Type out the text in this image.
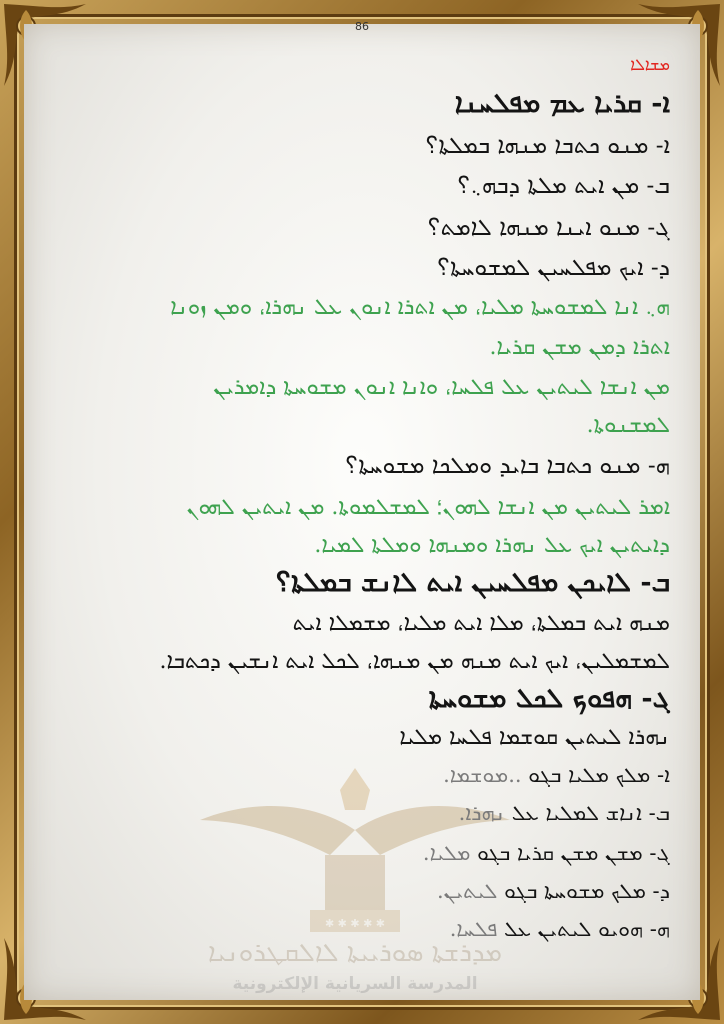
86
✱ ✱ ✱ ✱ ✱
ܡܕܪܫܬܐ ܣܘܪܝܝܬܐ ܠܐܠܩܛܪܘܢܝܐ
المدرسة السريانية الإلكترونية
ܡܫܐܠܐ
ܐ- ܩܪܝܐ ܥܡ ܡܦܠܚܢܐ
ܐ- ܡܢܘ ܟܬܒܐ ܡܢܗܐ ܒܡܠܬܐ؟
ܒ- ܡܢ ܐܝܬ ܡܠܬܐ ܕܒܗ܆؟
ܓ- ܡܢܘ ܐܝܢܐ ܡܢܗܐ ܠܐܡܬ؟
ܕ- ܐܝܟ ܡܦܠܚܝܢ ܠܡܫܘܚܬܐ؟
ܗ܆ ܐܢܐ ܠܡܫܘܚܬܐ ܡܠܝܐ، ܡܢ ܐܬܪܐ ܐܢܘܢ ܥܠ ܢܗܪܐ، ܘܡܢ ܙܘܢܐ
ܐܬܪܐ ܕܡܢ ܡܫܢ ܩܪܝܐ.
ܡܢ ܐܢܫܐ ܠܝܬܝܢ ܥܠ ܦܠܚܐ، ܘܐܢܐ ܐܢܘܢ ܡܫܘܚܬܐ ܕܐܡܪܝܢ
ܠܡܫܢܘܬܐ.
ܗ- ܡܢܘ ܟܬܒܐ ܒܐܝܕ ܘܡܠܟܐ ܡܫܘܚܬܐ؟
ܐܡܪ ܠܝܬܝܢ ܡܢ ܐܢܫܐ ܠܗܘܢ؛ ܠܡܫܠܡܘܬܐ. ܡܢ ܐܝܬܝܢ ܠܗܘܢ
ܕܐܝܬܝܢ ܐܝܟ ܥܠ ܢܗܪܐ ܘܡܢܗܐ ܘܡܠܬܐ ܠܡܝܐ.
ܒ- ܠܐܝܟܢ ܡܦܠܚܝܢ ܐܝܬ ܠܐܢܫ ܒܡܠܬܐ؟
ܡܢܗ ܐܝܬ ܒܡܠܬܐ، ܡܠܐ ܐܝܬ ܡܠܝܐ، ܡܫܡܠܐ ܐܝܬ
ܠܡܫܡܠܝܢ، ܐܝܟ ܐܝܬ ܡܢܗ ܡܢ ܡܢܗܐ، ܠܟܠ ܐܝܬ ܐܢܫܝܢ ܕܟܬܒܐ.
ܓ- ܗܦܘܟ ܠܟܠ ܡܫܘܚܬܐ
ܢܗܪܐ ܠܝܬܝܢ ܩܘܫܡܐ ܦܠܚܐ ܡܠܝܐ
ܐ- ܡܠܟ ܡܠܝܐ ܒܓܘ ..ܡܘܫܡܐ.
ܒ- ܐܢܐܫ ܠܡܠܝܐ ܥܠ ܢܗܪܐ.
ܓ- ܡܫܢ ܡܫܢ ܩܪܝܐ ܒܓܘ ܡܠܝܐ.
ܕ- ܡܠܟ ܡܫܘܚܬܐ ܒܓܘ ܠܝܬܝܢ.
ܗ- ܗܘܝܘ ܠܝܬܝܢ ܥܠ ܦܠܚܐ.
